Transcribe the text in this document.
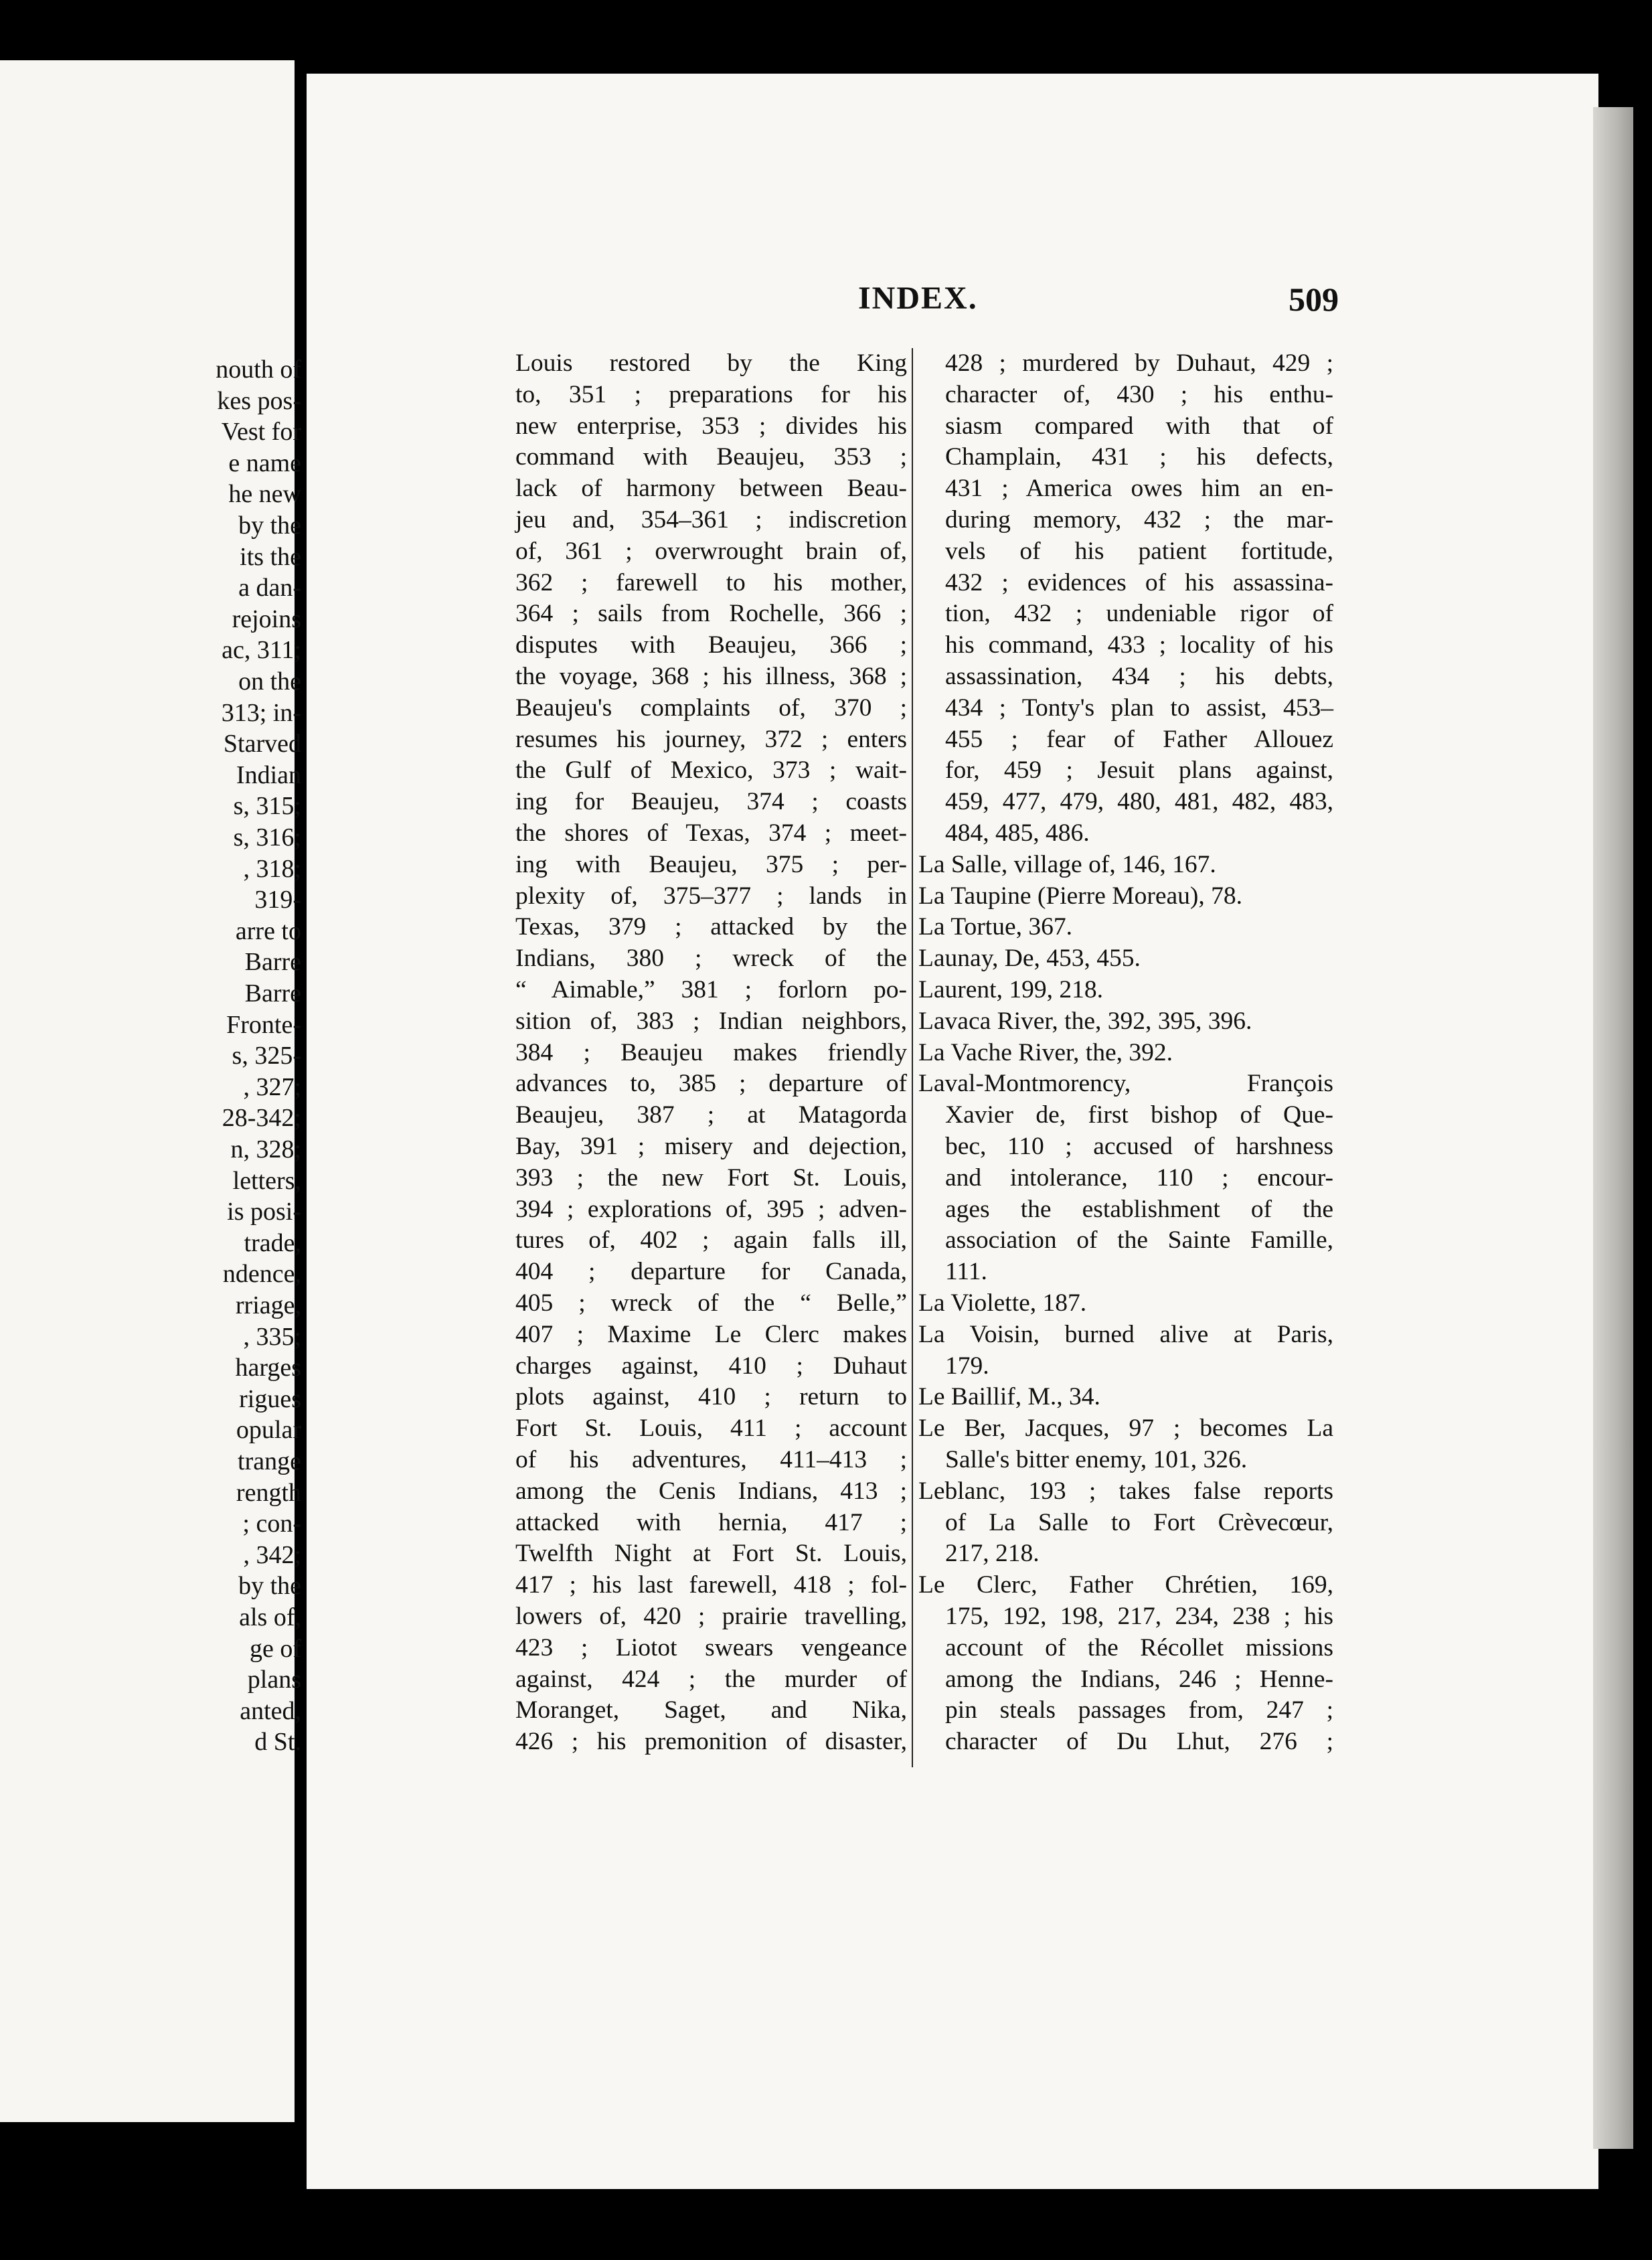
nouth of
kes pos-
Vest for
e name
he new
by the
its the
a dan-
rejoins
ac, 311;
on the
313; in-
Starved
Indian
s, 315;
s, 316;
, 318;
319-
arre to
Barre
Barre
Fronte-
s, 325-
, 327;
28-342;
n, 328;
letters,
is posi-
trade,
ndence,
rriage,
, 335;
harges
rigues
opular
trange
rength
; con-
, 342;
by the
als of,
ge of
plans
anted,
d St.
INDEX.	509
Louis restored by the King
to, 351 ; preparations for his
new enterprise, 353 ; divides his
command with Beaujeu, 353 ;
lack of harmony between Beau-
jeu and, 354–361 ; indiscretion
of, 361 ; overwrought brain of,
362 ; farewell to his mother,
364 ; sails from Rochelle, 366 ;
disputes with Beaujeu, 366 ;
the voyage, 368 ; his illness, 368 ;
Beaujeu's complaints of, 370 ;
resumes his journey, 372 ; enters
the Gulf of Mexico, 373 ; wait-
ing for Beaujeu, 374 ; coasts
the shores of Texas, 374 ; meet-
ing with Beaujeu, 375 ; per-
plexity of, 375–377 ; lands in
Texas, 379 ; attacked by the
Indians, 380 ; wreck of the
“ Aimable,” 381 ; forlorn po-
sition of, 383 ; Indian neighbors,
384 ; Beaujeu makes friendly
advances to, 385 ; departure of
Beaujeu, 387 ; at Matagorda
Bay, 391 ; misery and dejection,
393 ; the new Fort St. Louis,
394 ; explorations of, 395 ; adven-
tures of, 402 ; again falls ill,
404 ; departure for Canada,
405 ; wreck of the “ Belle,”
407 ; Maxime Le Clerc makes
charges against, 410 ; Duhaut
plots against, 410 ; return to
Fort St. Louis, 411 ; account
of his adventures, 411–413 ;
among the Cenis Indians, 413 ;
attacked with hernia, 417 ;
Twelfth Night at Fort St. Louis,
417 ; his last farewell, 418 ; fol-
lowers of, 420 ; prairie travelling,
423 ; Liotot swears vengeance
against, 424 ; the murder of
Moranget, Saget, and Nika,
426 ; his premonition of disaster,
428 ; murdered by Duhaut, 429 ;
character of, 430 ; his enthu-
siasm compared with that of
Champlain, 431 ; his defects,
431 ; America owes him an en-
during memory, 432 ; the mar-
vels of his patient fortitude,
432 ; evidences of his assassina-
tion, 432 ; undeniable rigor of
his command, 433 ; locality of his
assassination, 434 ; his debts,
434 ; Tonty's plan to assist, 453–
455 ; fear of Father Allouez
for, 459 ; Jesuit plans against,
459, 477, 479, 480, 481, 482, 483,
484, 485, 486.
La Salle, village of, 146, 167.
La Taupine (Pierre Moreau), 78.
La Tortue, 367.
Launay, De, 453, 455.
Laurent, 199, 218.
Lavaca River, the, 392, 395, 396.
La Vache River, the, 392.
Laval-Montmorency, François
Xavier de, first bishop of Que-
bec, 110 ; accused of harshness
and intolerance, 110 ; encour-
ages the establishment of the
association of the Sainte Famille,
111.
La Violette, 187.
La Voisin, burned alive at Paris,
179.
Le Baillif, M., 34.
Le Ber, Jacques, 97 ; becomes La
Salle's bitter enemy, 101, 326.
Leblanc, 193 ; takes false reports
of La Salle to Fort Crèvecœur,
217, 218.
Le Clerc, Father Chrétien, 169,
175, 192, 198, 217, 234, 238 ; his
account of the Récollet missions
among the Indians, 246 ; Henne-
pin steals passages from, 247 ;
character of Du Lhut, 276 ;
